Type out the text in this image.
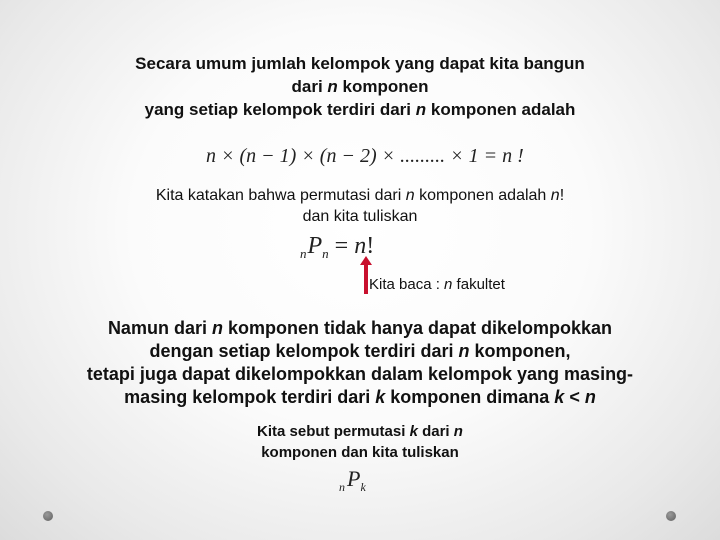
Secara umum jumlah kelompok yang dapat kita bangun
dari n komponen
yang setiap kelompok terdiri dari n komponen adalah
n × (n − 1) × (n − 2) × ......... × 1 = n !
Kita katakan bahwa permutasi dari n komponen adalah n!
dan kita tuliskan
$_nP_n = n$!
Kita baca : n fakultet
Namun dari n komponen tidak hanya dapat dikelompokkan
dengan setiap kelompok terdiri dari n komponen,
tetapi juga dapat dikelompokkan dalam kelompok yang masing-
masing kelompok terdiri dari k komponen dimana k < n
Kita sebut permutasi k dari n
komponen dan kita tuliskan
$_nP_k$
